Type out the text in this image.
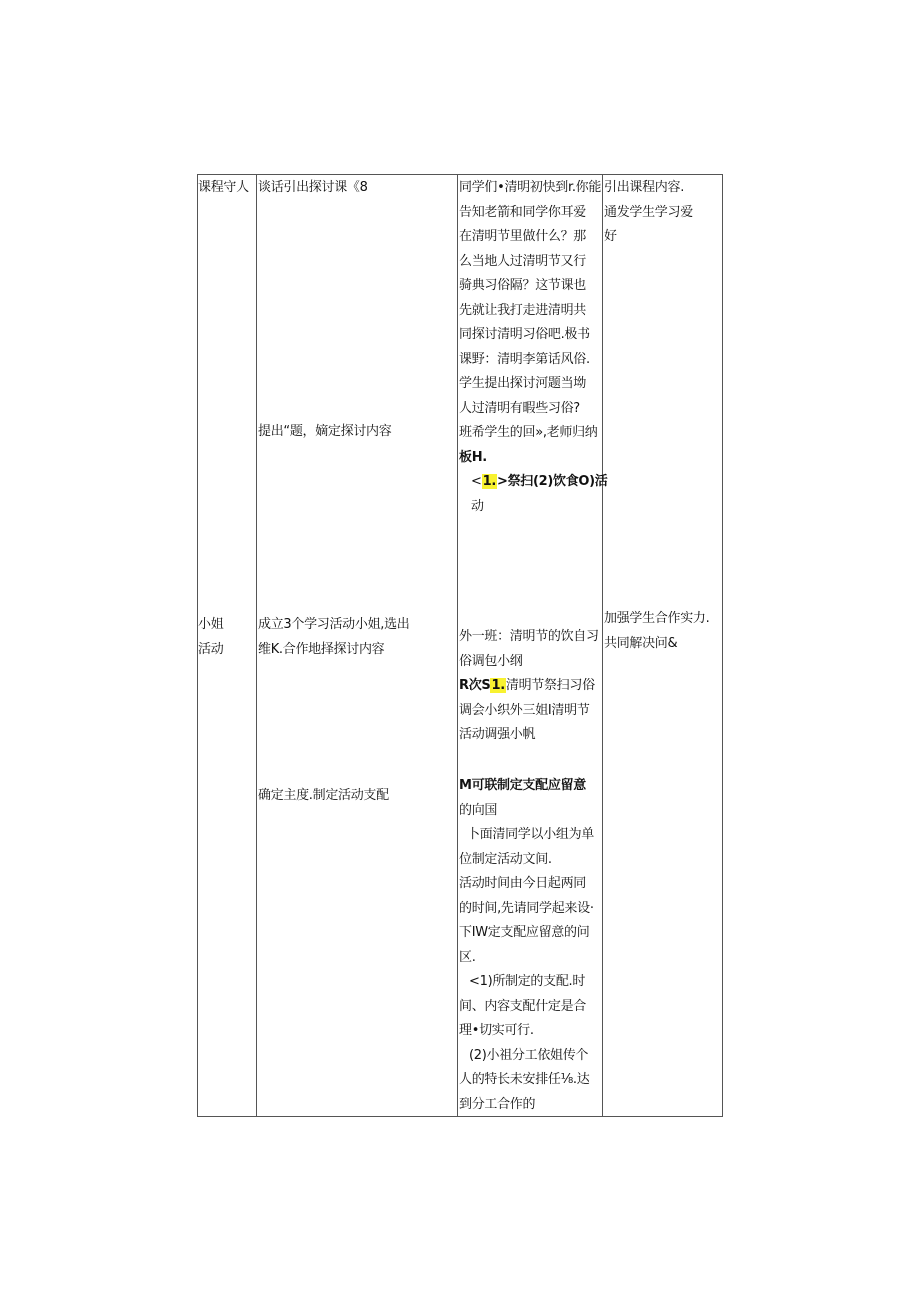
课程守人
小姐
活动
谈话引出探讨课《8
提出“题，嫡定探讨内容
成立3个学习活动小姐,选出
维K.合作地择探讨内容
确定主度.制定活动支配
同学们•清明初快到r.你能
告知老箭和同学你耳爱
在清明节里做什么？那
么当地人过清明节又行
骑典习俗隔？这节课也
先就让我打走进清明共
同探讨清明习俗吧.极书
课野：清明李第话风俗.
学生提出探讨河题当坳
人过清明有暇些习俗?
班希学生的回»,老师归纳
板H.
<1.>祭扫(2)饮食O)活
动
外一班：清明节的饮自习
俗调包小纲
R次S1.清明节祭扫习俗
调会小织外三姐I清明节
活动调强小帆
M可联制定支配应留意
的向国
卜面清同学以小组为单
位制定活动文间.
活动时间由今日起两同
的时间,先请同学起来设·
下IW定支配应留意的问
区.
<1)所制定的支配.时
间、内容支配什定是合
理•切实可行.
(2)小祖分工依姐传个
人的特长未安排任⅛.达
到分工合作的
引出课程内容.
通发学生学习爱
好
加强学生合作实力.
共同解决问&
